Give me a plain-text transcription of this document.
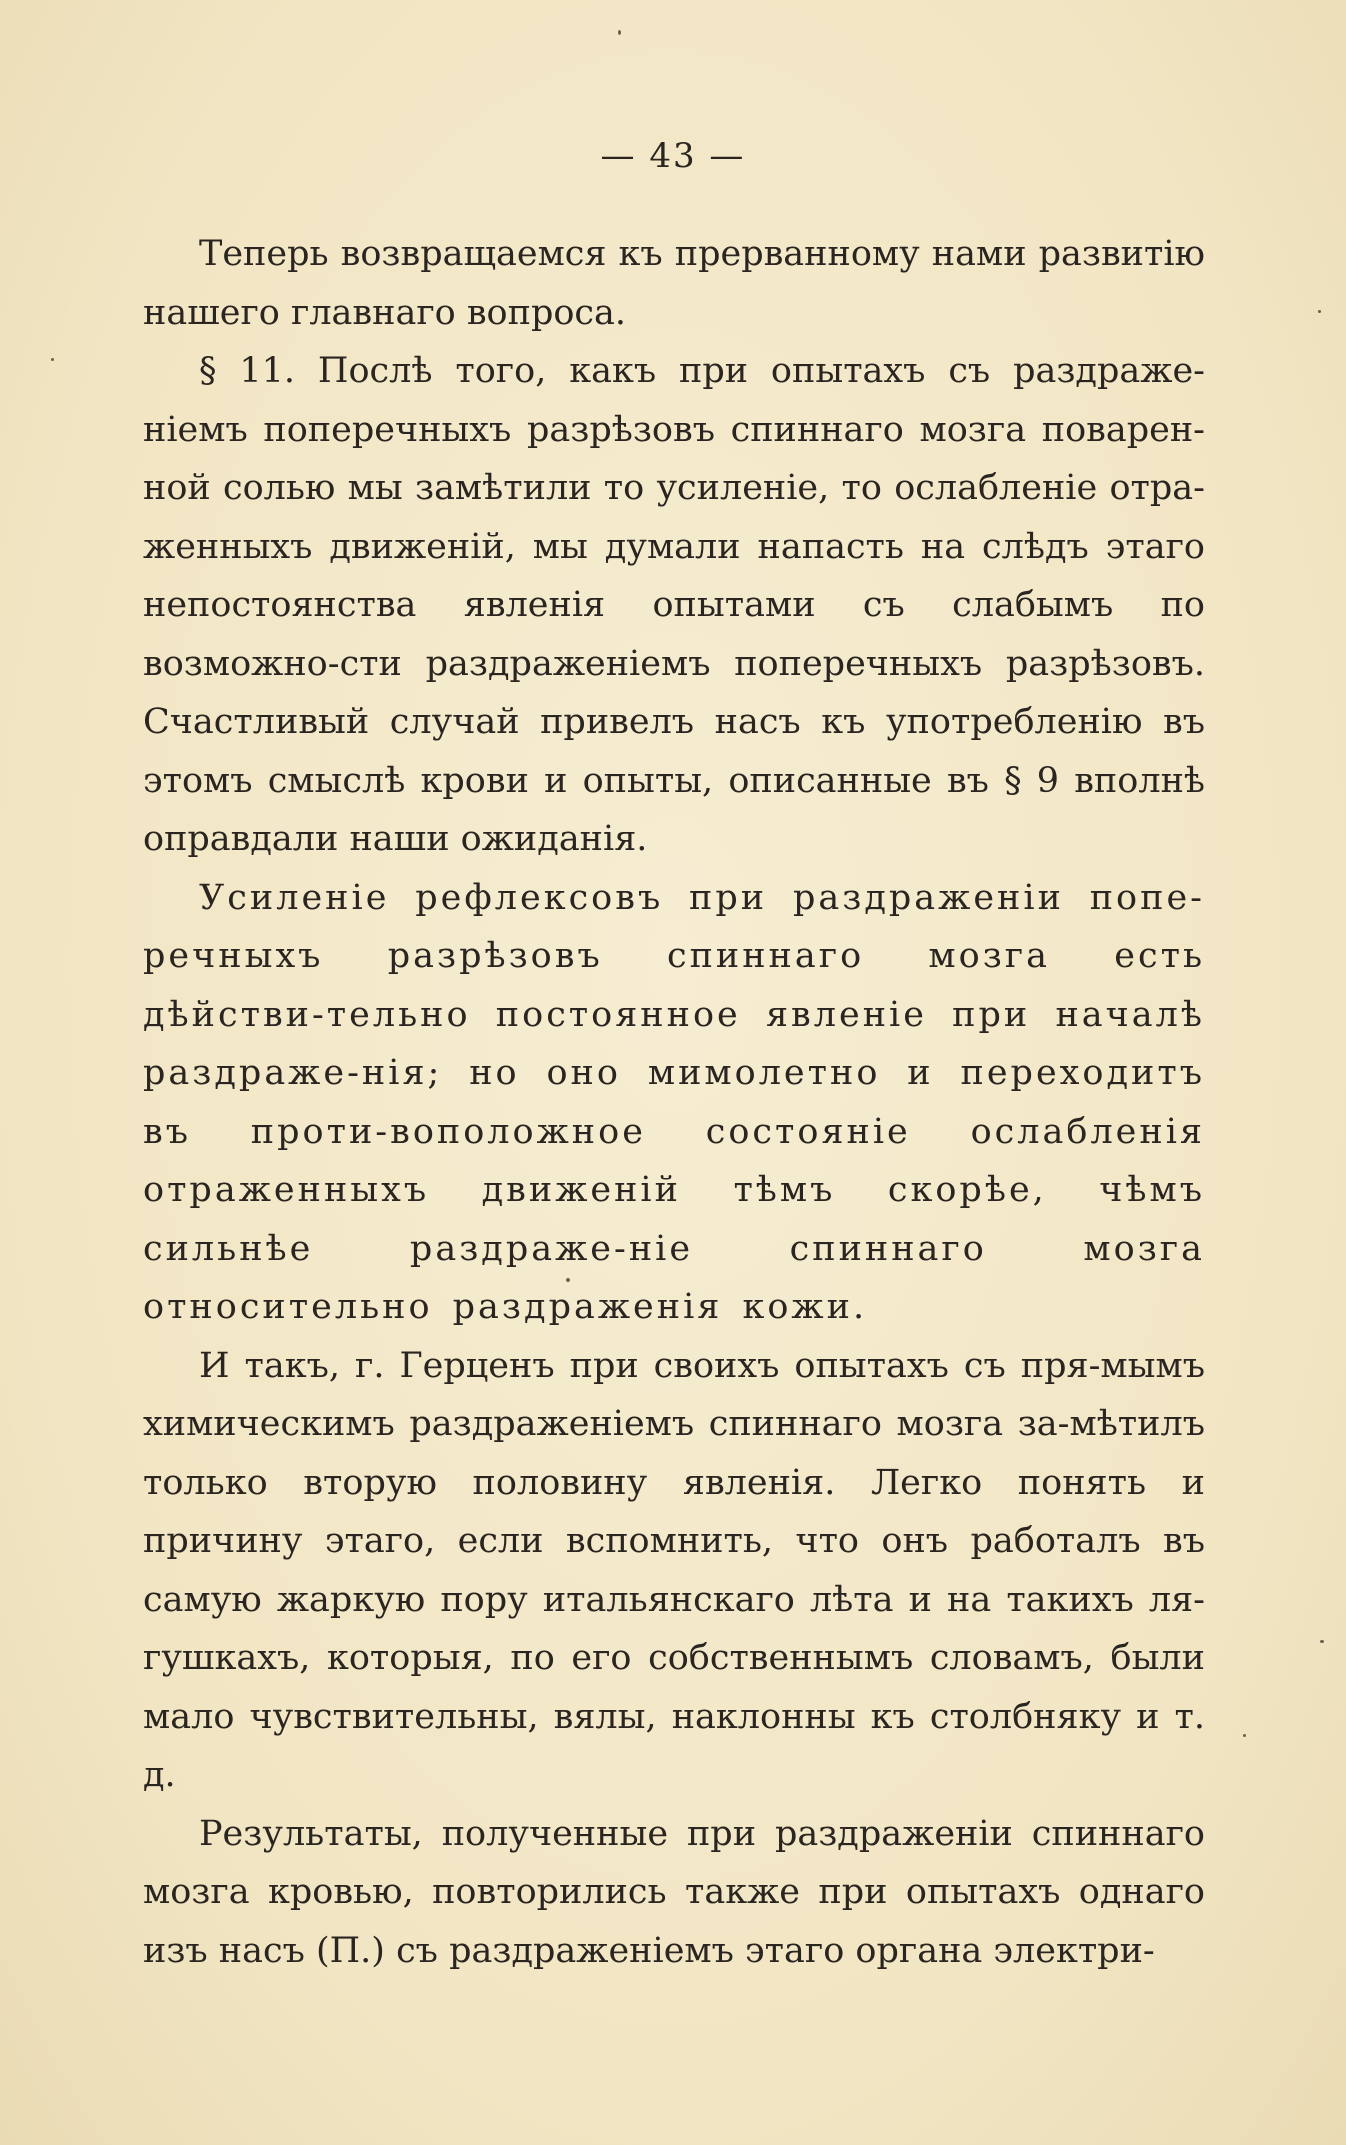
— 43 —

Теперь возвращаемся къ прерванному нами развитію нашего главнаго вопроса.

§ 11. Послѣ того, какъ при опытахъ съ раздраже-ніемъ поперечныхъ разрѣзовъ спиннаго мозга поварен-ной солью мы замѣтили то усиленіе, то ослабленіе отра-женныхъ движеній, мы думали напасть на слѣдъ этаго непостоянства явленія опытами съ слабымъ по возможно-сти раздраженіемъ поперечныхъ разрѣзовъ. Счастливый случай привелъ насъ къ употребленію въ этомъ смыслѣ крови и опыты, описанные въ § 9 вполнѣ оправдали наши ожиданія.

Усиленіе рефлексовъ при раздраженіи попе-речныхъ разрѣзовъ спиннаго мозга есть дѣйстви-тельно постоянное явленіе при началѣ раздраже-нія; но оно мимолетно и переходитъ въ проти-воположное состояніе ослабленія отраженныхъ движеній тѣмъ скорѣе, чѣмъ сильнѣе раздраже-ніе спиннаго мозга относительно раздраженія кожи.

И такъ, г. Герценъ при своихъ опытахъ съ пря-мымъ химическимъ раздраженіемъ спиннаго мозга за-мѣтилъ только вторую половину явленія. Легко понять и причину этаго, если вспомнить, что онъ работалъ въ самую жаркую пору итальянскаго лѣта и на такихъ ля-гушкахъ, которыя, по его собственнымъ словамъ, были мало чувствительны, вялы, наклонны къ столбняку и т. д.

Результаты, полученные при раздраженіи спиннаго мозга кровью, повторились также при опытахъ однаго изъ насъ (П.) съ раздраженіемъ этаго органа электри-
